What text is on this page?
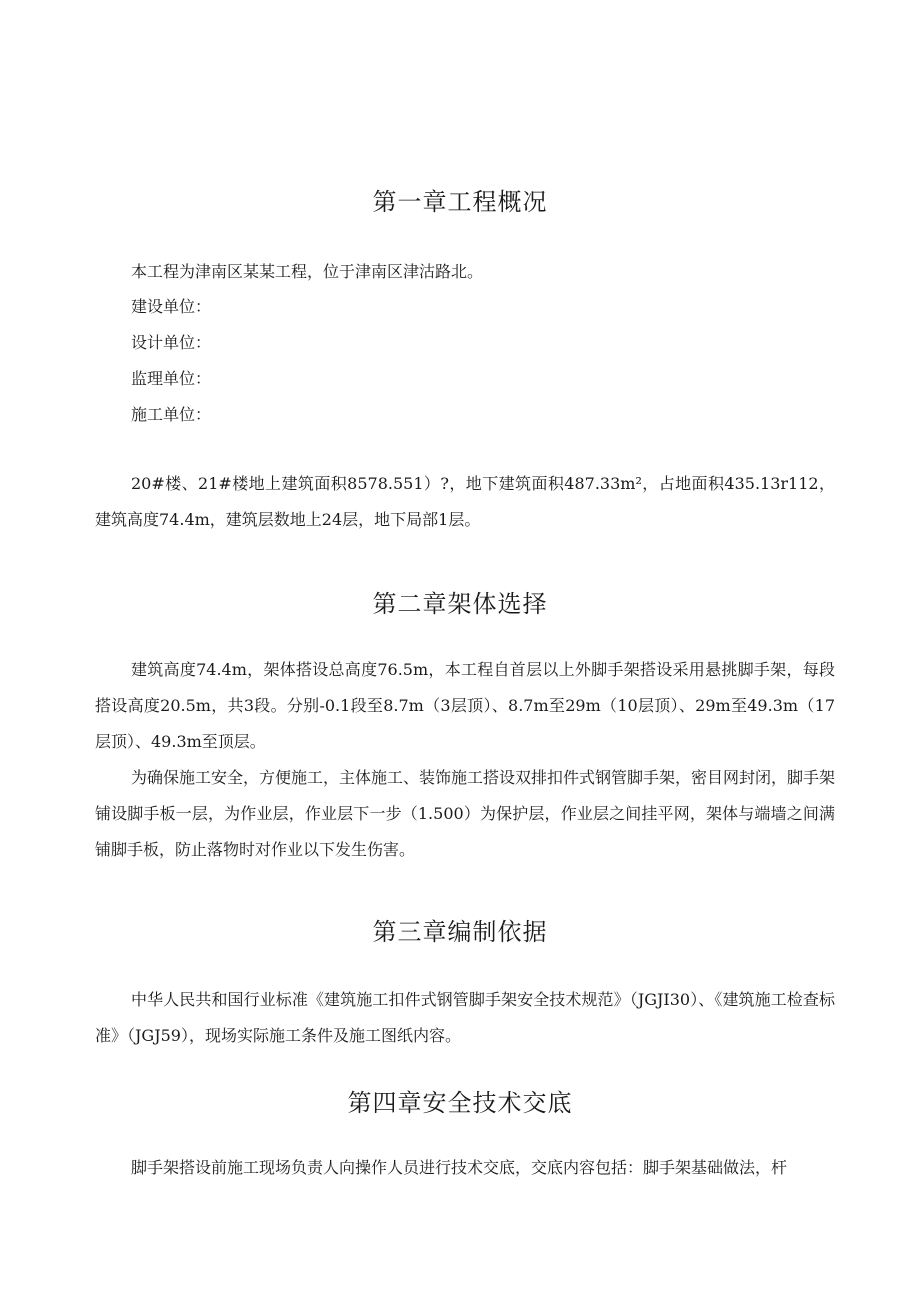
第一章工程概况

本工程为津南区某某工程，位于津南区津沽路北。

建设单位：

设计单位：

监理单位：

施工单位：

20#楼、21#楼地上建筑面积8578.551）?，地下建筑面积487.33m²，占地面积435.13r112，建筑高度74.4m，建筑层数地上24层，地下局部1层。

第二章架体选择

建筑高度74.4m，架体搭设总高度76.5m，本工程自首层以上外脚手架搭设采用悬挑脚手架，每段搭设高度20.5m，共3段。分别-0.1段至8.7m（3层顶）、8.7m至29m（10层顶）、29m至49.3m（17层顶）、49.3m至顶层。

为确保施工安全，方便施工，主体施工、装饰施工搭设双排扣件式钢管脚手架，密目网封闭，脚手架铺设脚手板一层，为作业层，作业层下一步（1.500）为保护层，作业层之间挂平网，架体与端墙之间满铺脚手板，防止落物时对作业以下发生伤害。

第三章编制依据

中华人民共和国行业标准《建筑施工扣件式钢管脚手架安全技术规范》（JGJI30）、《建筑施工检查标准》（JGJ59），现场实际施工条件及施工图纸内容。

第四章安全技术交底

脚手架搭设前施工现场负责人向操作人员进行技术交底，交底内容包括：脚手架基础做法，杆
